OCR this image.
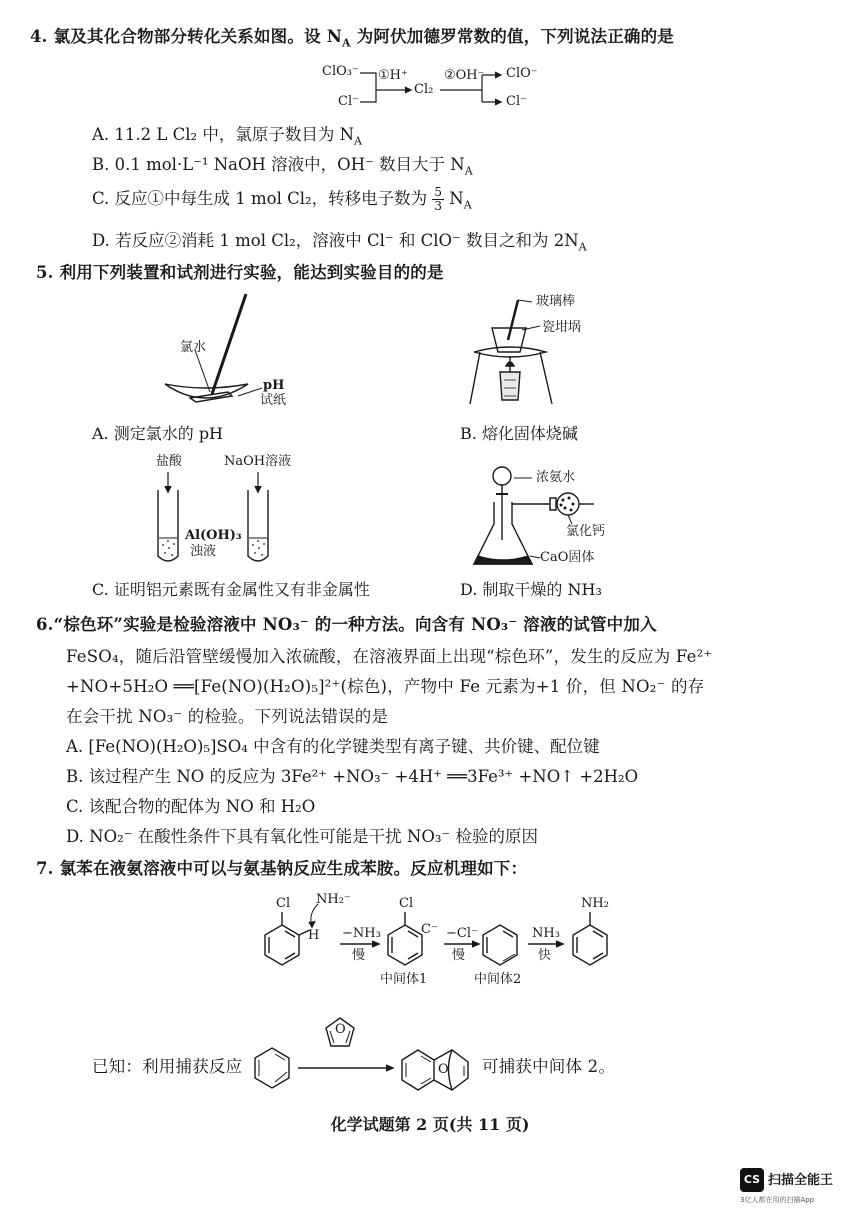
4. 氯及其化合物部分转化关系如图。设 $N_A$ 为阿伏加德罗常数的值，下列说法正确的是
ClO₃⁻
Cl⁻
①H⁺
Cl₂
②OH⁻ ClO⁻
Cl⁻
A. 11.2 L Cl₂ 中，氯原子数目为 $N_A$
B. 0.1 mol·L⁻¹ NaOH 溶液中，OH⁻ 数目大于 $N_A$
C. 反应①中每生成 1 mol Cl₂，转移电子数为 $\frac{5}{3} N_A$
D. 若反应②消耗 1 mol Cl₂，溶液中 Cl⁻ 和 ClO⁻ 数目之和为 $2N_A$
5. 利用下列装置和试剂进行实验，能达到实验目的的是
氯水
pH
试纸
A. 测定氯水的 pH
玻璃棒
瓷坩埚
B. 熔化固体烧碱
盐酸	NaOH溶液
Al(OH)₃
浊液
C. 证明铝元素既有金属性又有非金属性
浓氨水
氯化钙
CaO固体
D. 制取干燥的 NH₃
6.“棕色环”实验是检验溶液中 NO₃⁻ 的一种方法。向含有 NO₃⁻ 溶液的试管中加入
FeSO₄，随后沿管壁缓慢加入浓硫酸，在溶液界面上出现“棕色环”，发生的反应为 Fe²⁺
+NO+5H₂O ══[Fe(NO)(H₂O)₅]²⁺(棕色)，产物中 Fe 元素为+1 价，但 NO₂⁻ 的存
在会干扰 NO₃⁻ 的检验。下列说法错误的是
A. [Fe(NO)(H₂O)₅]SO₄ 中含有的化学键类型有离子键、共价键、配位键
B. 该过程产生 NO 的反应为 3Fe²⁺ +NO₃⁻ +4H⁺ ══3Fe³⁺ +NO↑ +2H₂O
C. 该配合物的配体为 NO 和 H₂O
D. NO₂⁻ 在酸性条件下具有氧化性可能是干扰 NO₃⁻ 检验的原因
7. 氯苯在液氨溶液中可以与氨基钠反应生成苯胺。反应机理如下：
Cl NH₂⁻
H −NH₃
慢
Cl
C⁻
中间体1
−Cl⁻
慢
中间体2
NH₃
快
NH₂
已知：利用捕获反应
O
O 可捕获中间体 2。
化学试题第 2 页(共 11 页)
CS 扫描全能王
3亿人都在用的扫描App
